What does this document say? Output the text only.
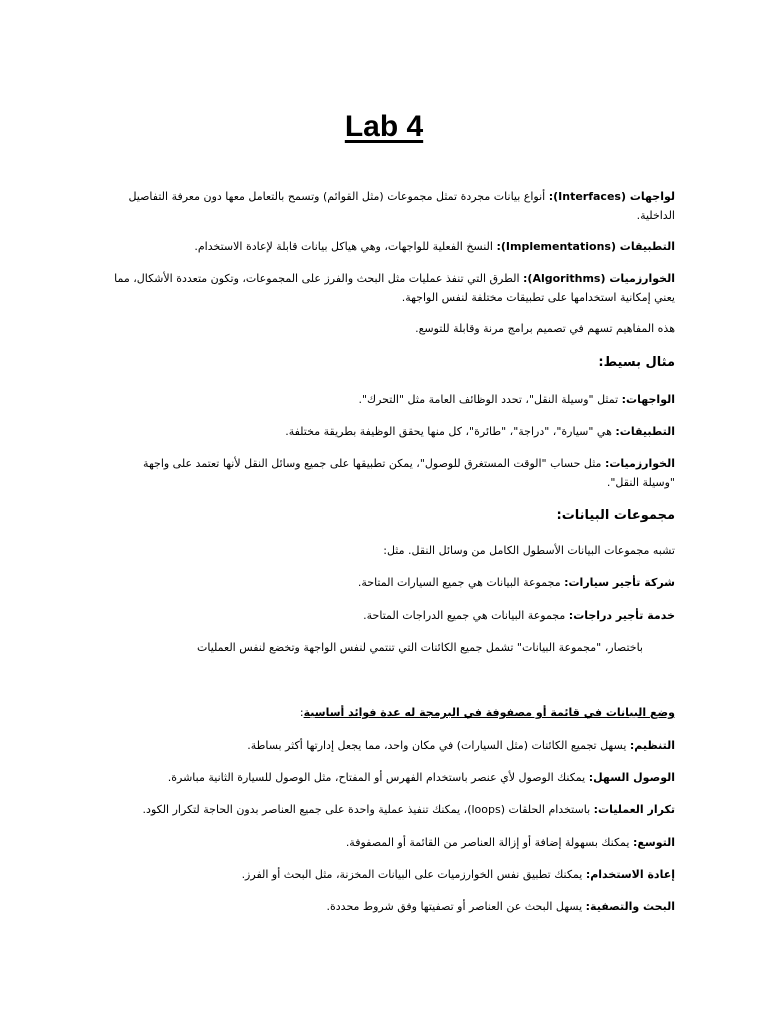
Lab 4

لواجهات (Interfaces): أنواع بيانات مجردة تمثل مجموعات (مثل القوائم) وتسمح بالتعامل معها دون معرفة التفاصيل الداخلية.

التطبيقات (Implementations): النسخ الفعلية للواجهات، وهي هياكل بيانات قابلة لإعادة الاستخدام.

الخوارزميات (Algorithms): الطرق التي تنفذ عمليات مثل البحث والفرز على المجموعات، وتكون متعددة الأشكال، مما يعني إمكانية استخدامها على تطبيقات مختلفة لنفس الواجهة.

هذه المفاهيم تسهم في تصميم برامج مرنة وقابلة للتوسع.

مثال بسيط:

الواجهات: تمثل "وسيلة النقل"، تحدد الوظائف العامة مثل "التحرك".

التطبيقات: هي "سيارة"، "دراجة"، "طائرة"، كل منها يحقق الوظيفة بطريقة مختلفة.

الخوارزميات: مثل حساب "الوقت المستغرق للوصول"، يمكن تطبيقها على جميع وسائل النقل لأنها تعتمد على واجهة "وسيلة النقل".

مجموعات البيانات:

تشبه مجموعات البيانات الأسطول الكامل من وسائل النقل. مثل:

شركة تأجير سيارات: مجموعة البيانات هي جميع السيارات المتاحة.

خدمة تأجير دراجات: مجموعة البيانات هي جميع الدراجات المتاحة.

باختصار، "مجموعة البيانات" تشمل جميع الكائنات التي تنتمي لنفس الواجهة وتخضع لنفس العمليات

وضع البيانات في قائمة أو مصفوفة في البرمجة له عدة فوائد أساسية:

التنظيم: يسهل تجميع الكائنات (مثل السيارات) في مكان واحد، مما يجعل إدارتها أكثر بساطة.

الوصول السهل: يمكنك الوصول لأي عنصر باستخدام الفهرس أو المفتاح، مثل الوصول للسيارة الثانية مباشرة.

تكرار العمليات: باستخدام الحلقات (loops)، يمكنك تنفيذ عملية واحدة على جميع العناصر بدون الحاجة لتكرار الكود.

التوسع: يمكنك بسهولة إضافة أو إزالة العناصر من القائمة أو المصفوفة.

إعادة الاستخدام: يمكنك تطبيق نفس الخوارزميات على البيانات المخزنة، مثل البحث أو الفرز.

البحث والتصفية: يسهل البحث عن العناصر أو تصفيتها وفق شروط محددة.
